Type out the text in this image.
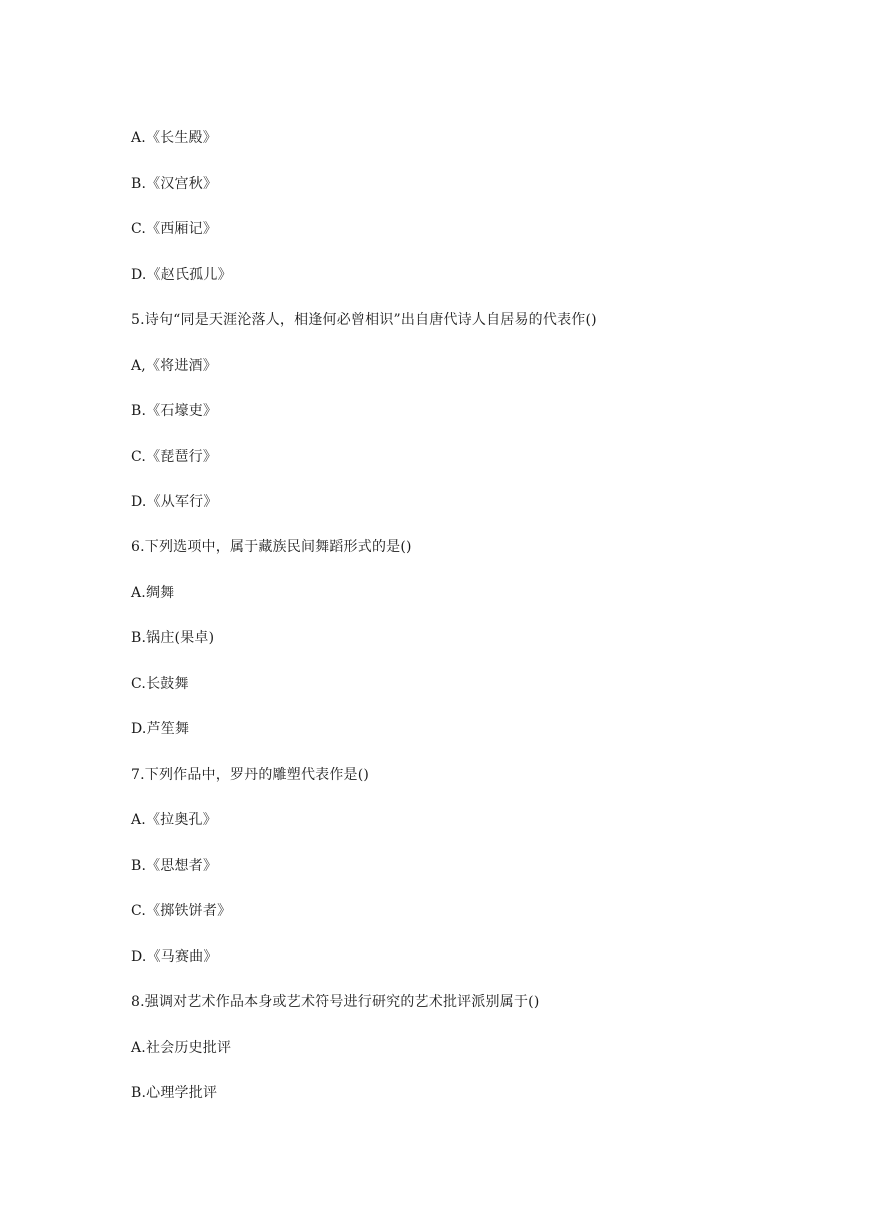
A.《长生殿》
B.《汉宫秋》
C.《西厢记》
D.《赵氏孤儿》
5.诗句“同是天涯沦落人，相逢何必曾相识”出自唐代诗人自居易的代表作()
A,《将进酒》
B.《石壕吏》
C.《琵琶行》
D.《从军行》
6.下列选项中，属于藏族民间舞蹈形式的是()
A.绸舞
B.锅庄(果卓)
C.长鼓舞
D.芦笙舞
7.下列作品中，罗丹的雕塑代表作是()
A.《拉奥孔》
B.《思想者》
C.《掷铁饼者》
D.《马赛曲》
8.强调对艺术作品本身或艺术符号进行研究的艺术批评派别属于()
A.社会历史批评
B.心理学批评
